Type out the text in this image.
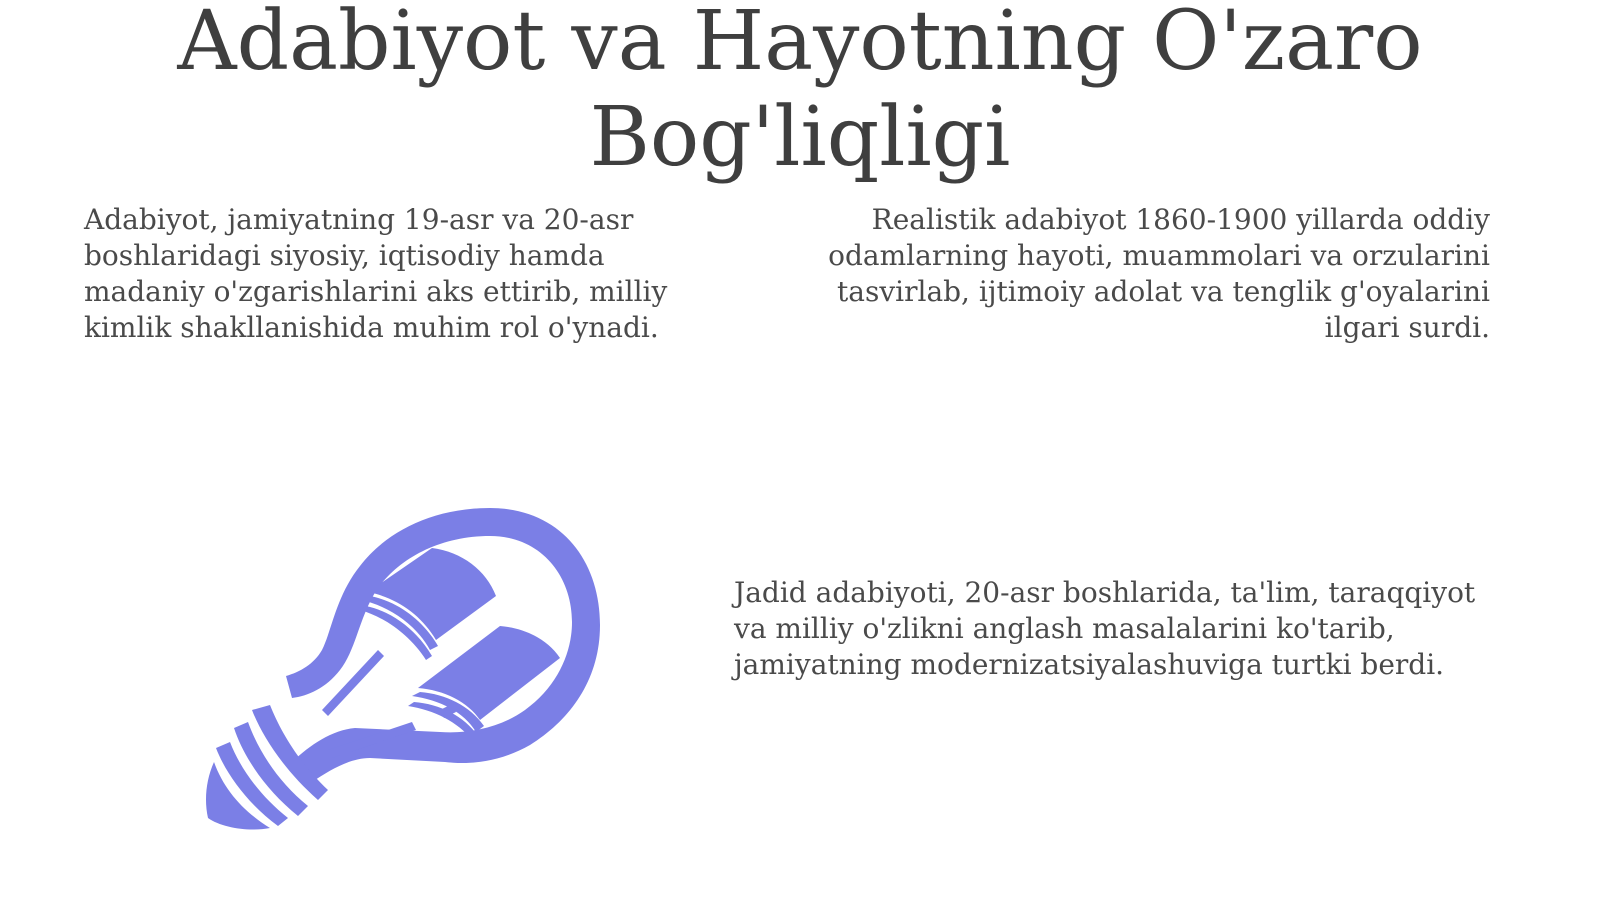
Adabiyot va Hayotning O'zaro Bog'liqligi

Adabiyot, jamiyatning 19-asr va 20-asr boshlaridagi siyosiy, iqtisodiy hamda madaniy o'zgarishlarini aks ettirib, milliy kimlik shakllanishida muhim rol o'ynadi.

Realistik adabiyot 1860-1900 yillarda oddiy odamlarning hayoti, muammolari va orzularini tasvirlab, ijtimoiy adolat va tenglik g'oyalarini ilgari surdi.

Jadid adabiyoti, 20-asr boshlarida, ta'lim, taraqqiyot va milliy o'zlikni anglash masalalarini ko'tarib, jamiyatning modernizatsiyalashuviga turtki berdi.
